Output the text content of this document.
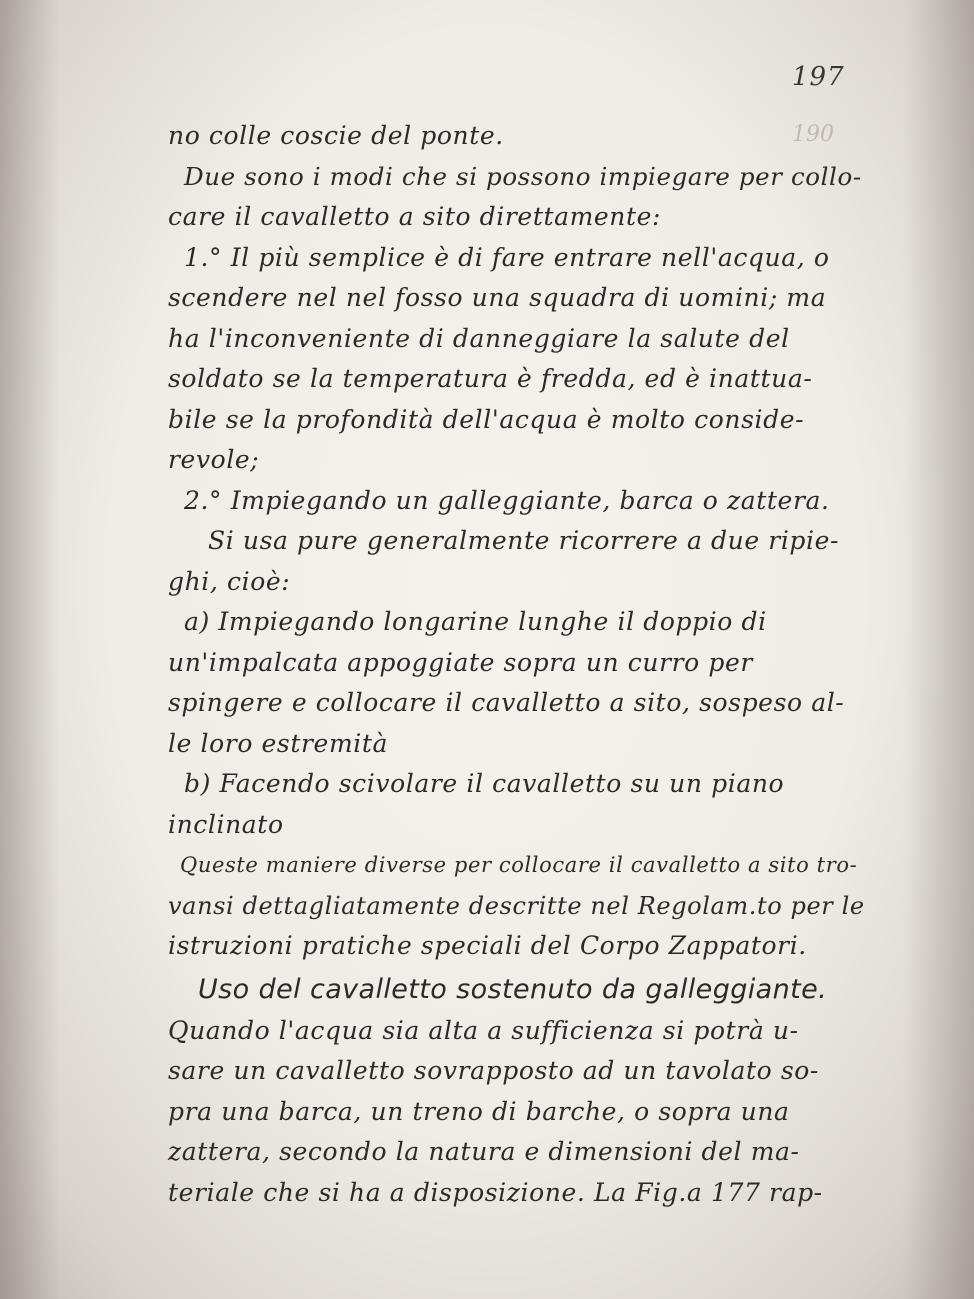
190
197
no colle coscie del ponte.
Due sono i modi che si possono impiegare per collo-
care il cavalletto a sito direttamente:
1.° Il più semplice è di fare entrare nell'acqua, o
scendere nel nel fosso una squadra di uomini; ma
ha l'inconveniente di danneggiare la salute del
soldato se la temperatura è fredda, ed è inattua-
bile se la profondità dell'acqua è molto conside-
revole;
2.° Impiegando un galleggiante, barca o zattera.
Si usa pure generalmente ricorrere a due ripie-
ghi, cioè:
a) Impiegando longarine lunghe il doppio di
un'impalcata appoggiate sopra un curro per
spingere e collocare il cavalletto a sito, sospeso al-
le loro estremità
b) Facendo scivolare il cavalletto su un piano
inclinato
Queste maniere diverse per collocare il cavalletto a sito tro-
vansi dettagliatamente descritte nel Regolam.to per le
istruzioni pratiche speciali del Corpo Zappatori.
Uso del cavalletto sostenuto da galleggiante.
Quando l'acqua sia alta a sufficienza si potrà u-
sare un cavalletto sovrapposto ad un tavolato so-
pra una barca, un treno di barche, o sopra una
zattera, secondo la natura e dimensioni del ma-
teriale che si ha a disposizione. La Fig.a 177 rap-
